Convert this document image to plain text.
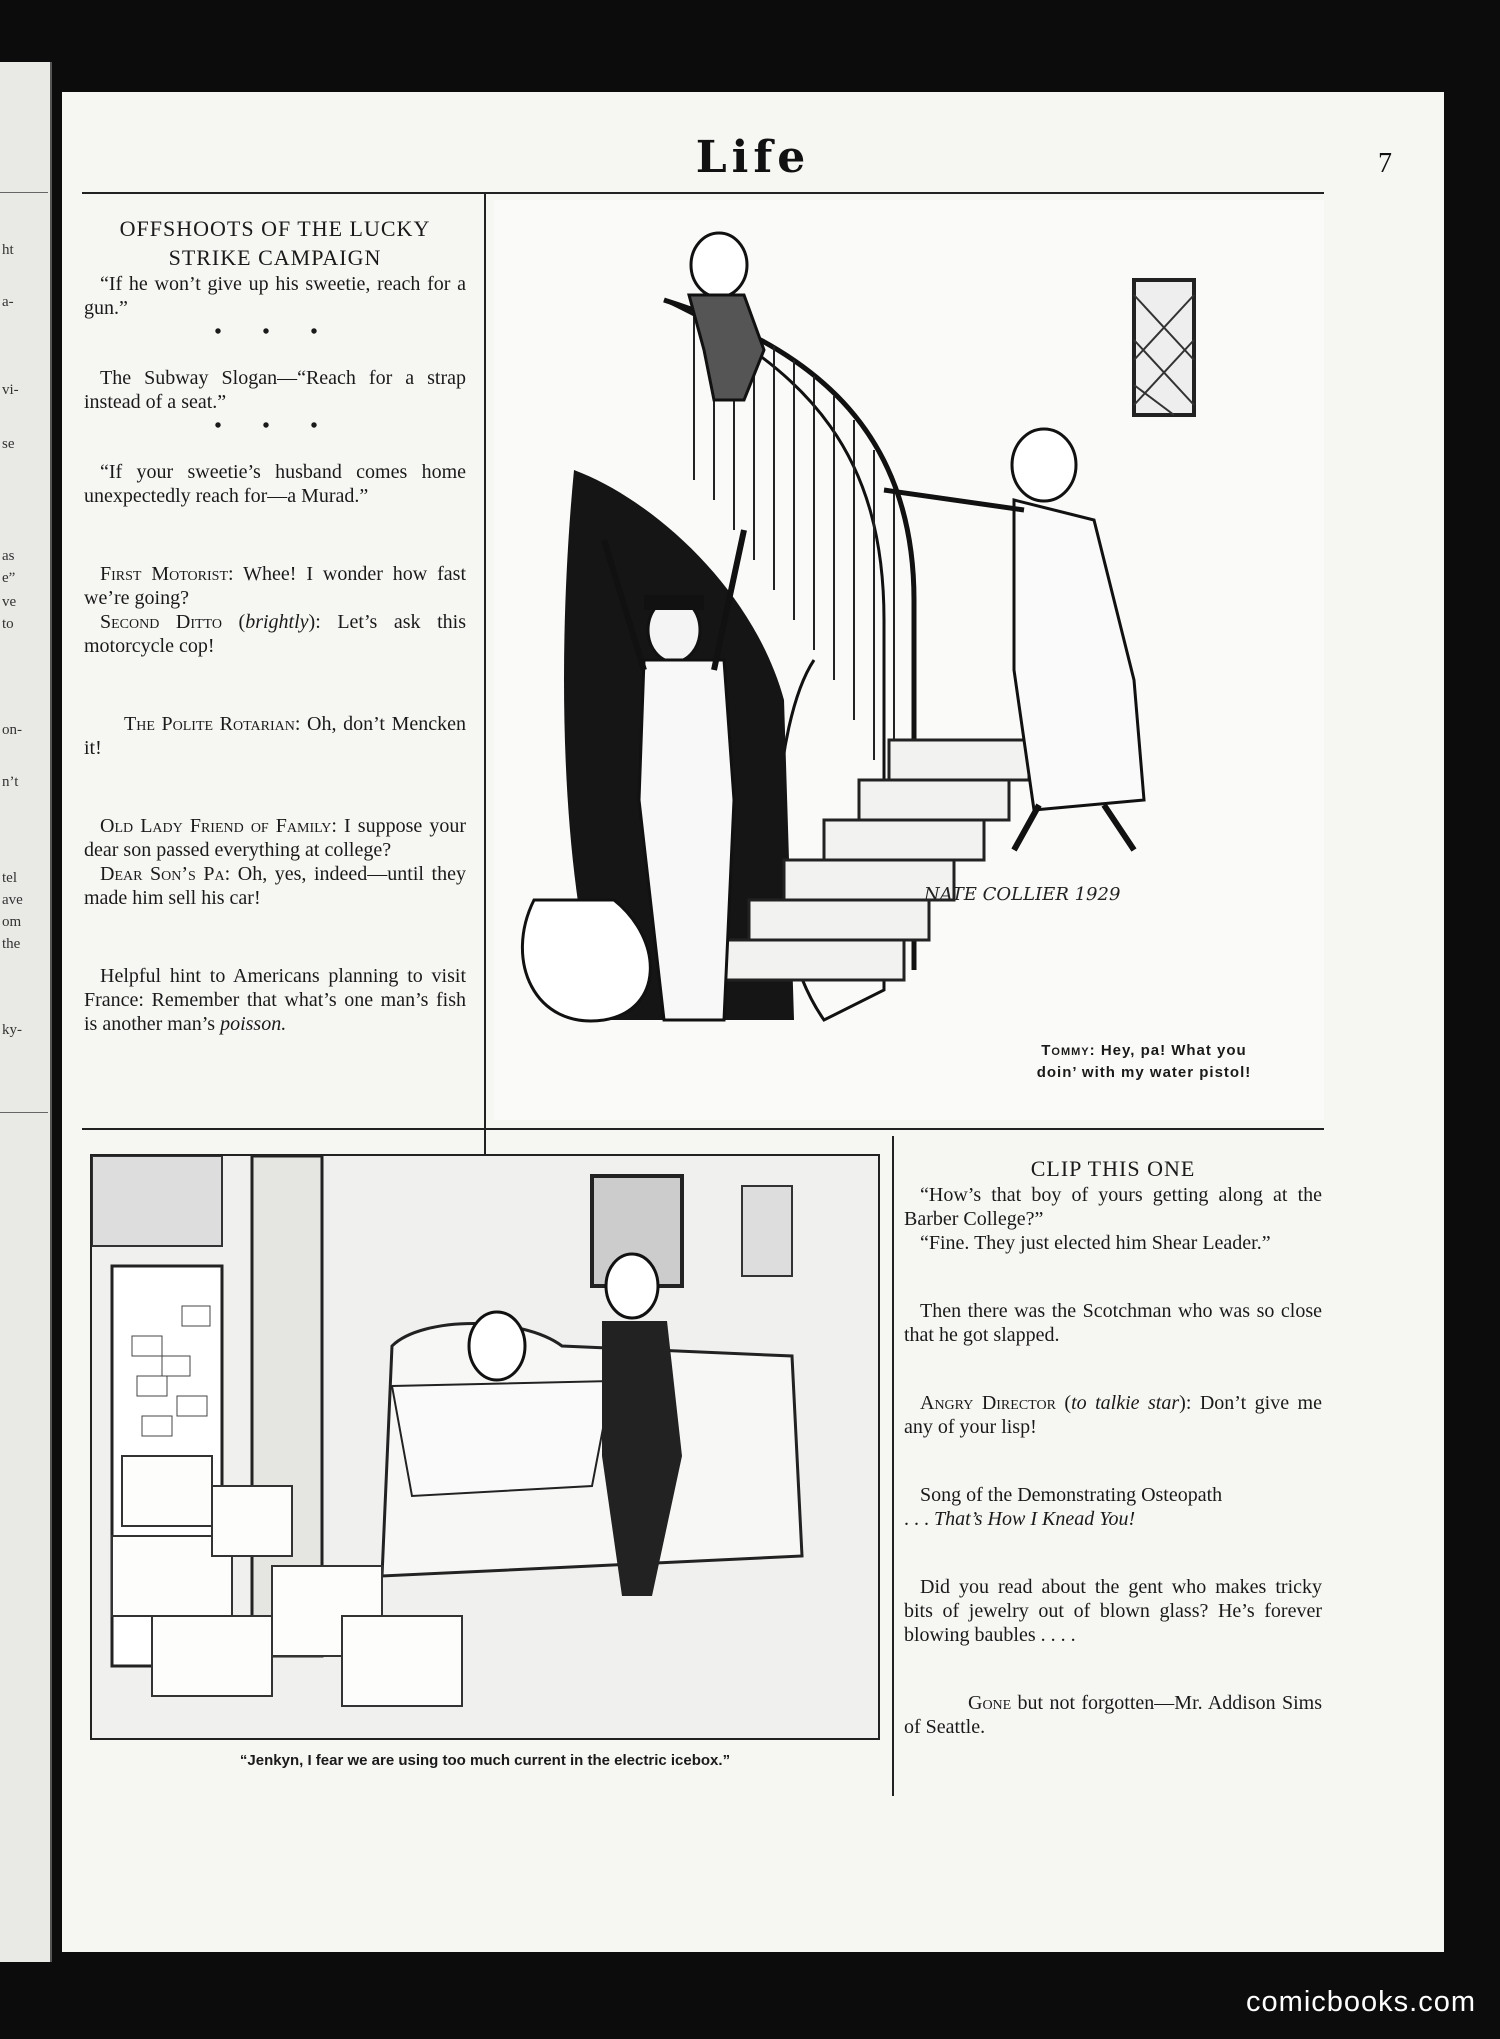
ht
a-
vi-
se
as
e”
ve
to
on-
n’t
tel
ave
om
the
ky-
Life	7

OFFSHOOTS OF THE LUCKY STRIKE CAMPAIGN

“If he won’t give up his sweetie, reach for a gun.”

• • •

The Subway Slogan—“Reach for a strap instead of a seat.”

• • •

“If your sweetie’s husband comes home unexpectedly reach for—a Murad.”

First Motorist: Whee! I wonder how fast we’re going?

Second Ditto (brightly): Let’s ask this motorcycle cop!

The Polite Rotarian: Oh, don’t Mencken it!

Old Lady Friend of Family: I suppose your dear son passed everything at college?

Dear Son’s Pa: Oh, yes, indeed—until they made him sell his car!

Helpful hint to Americans planning to visit France: Remember that what’s one man’s fish is another man’s poisson.

NATE COLLIER 1929
Tommy: Hey, pa! What you
doin’ with my water pistol!
“Jenkyn, I fear we are using too much current in the electric icebox.”

CLIP THIS ONE

“How’s that boy of yours getting along at the Barber College?”

“Fine. They just elected him Shear Leader.”

Then there was the Scotchman who was so close that he got slapped.

Angry Director (to talkie star): Don’t give me any of your lisp!

Song of the Demonstrating Osteopath

. . . That’s How I Knead You!

Did you read about the gent who makes tricky bits of jewelry out of blown glass? He’s forever blowing baubles . . . .

Gone but not forgotten—Mr. Addison Sims of Seattle.

comicbooks.com
